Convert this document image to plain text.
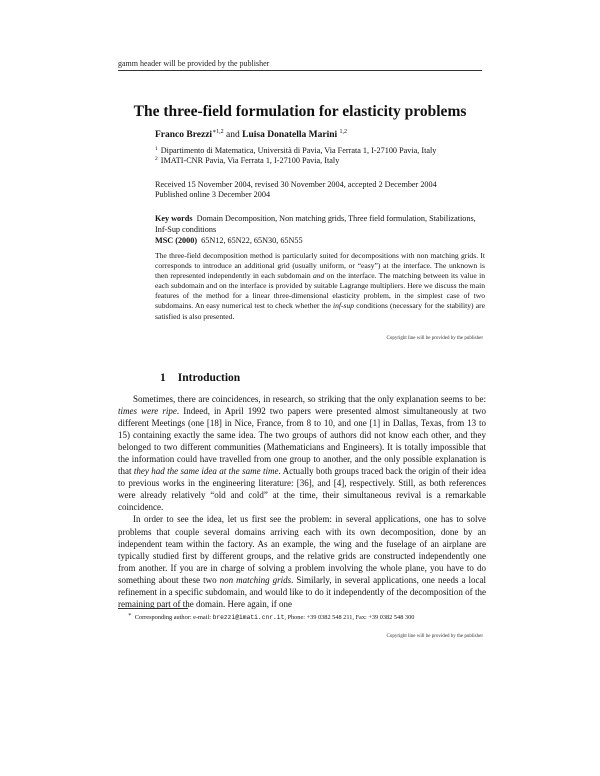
gamm header will be provided by the publisher
The three-field formulation for elasticity problems
Franco Brezzi$^{∗1,2}$ and Luisa Donatella Marini $^{1,2}$
$^1$ Dipartimento di Matematica, Università di Pavia, Via Ferrata 1, I-27100 Pavia, Italy
$^2$ IMATI-CNR Pavia, Via Ferrata 1, I-27100 Pavia, Italy
Received 15 November 2004, revised 30 November 2004, accepted 2 December 2004
Published online 3 December 2004
Key words Domain Decomposition, Non matching grids, Three field formulation, Stabilizations, Inf-Sup conditions
MSC (2000) 65N12, 65N22, 65N30, 65N55
The three-field decomposition method is particularly suited for decompositions with non matching grids. It corresponds to introduce an additional grid (usually uniform, or “easy”) at the interface. The unknown is then represented independently in each subdomain and on the interface. The matching between its value in each subdomain and on the interface is provided by suitable Lagrange multipliers. Here we discuss the main features of the method for a linear three-dimensional elasticity problem, in the simplest case of two subdomains. An easy numerical test to check whether the inf-sup conditions (necessary for the stability) are satisfied is also presented.
Copyright line will be provided by the publisher
1 Introduction

Sometimes, there are coincidences, in research, so striking that the only explanation seems to be: times were ripe. Indeed, in April 1992 two papers were presented almost simultaneously at two different Meetings (one [18] in Nice, France, from 8 to 10, and one [1] in Dallas, Texas, from 13 to 15) containing exactly the same idea. The two groups of authors did not know each other, and they belonged to two different communities (Mathematicians and Engineers). It is totally impossible that the information could have travelled from one group to another, and the only possible explanation is that they had the same idea at the same time. Actually both groups traced back the origin of their idea to previous works in the engineering literature: [36], and [4], respectively. Still, as both references were already relatively “old and cold” at the time, their simultaneous revival is a remarkable coincidence.

In order to see the idea, let us first see the problem: in several applications, one has to solve problems that couple several domains arriving each with its own decomposition, done by an independent team within the factory. As an example, the wing and the fuselage of an airplane are typically studied first by different groups, and the relative grids are constructed independently one from another. If you are in charge of solving a problem involving the whole plane, you have to do something about these two non matching grids. Similarly, in several applications, one needs a local refinement in a specific subdomain, and would like to do it independently of the decomposition of the remaining part of the domain. Here again, if one

∗ Corresponding author: e-mail: brezzi@imati.cnr.it, Phone: +39 0382 548 211, Fax: +39 0382 548 300
Copyright line will be provided by the publisher
